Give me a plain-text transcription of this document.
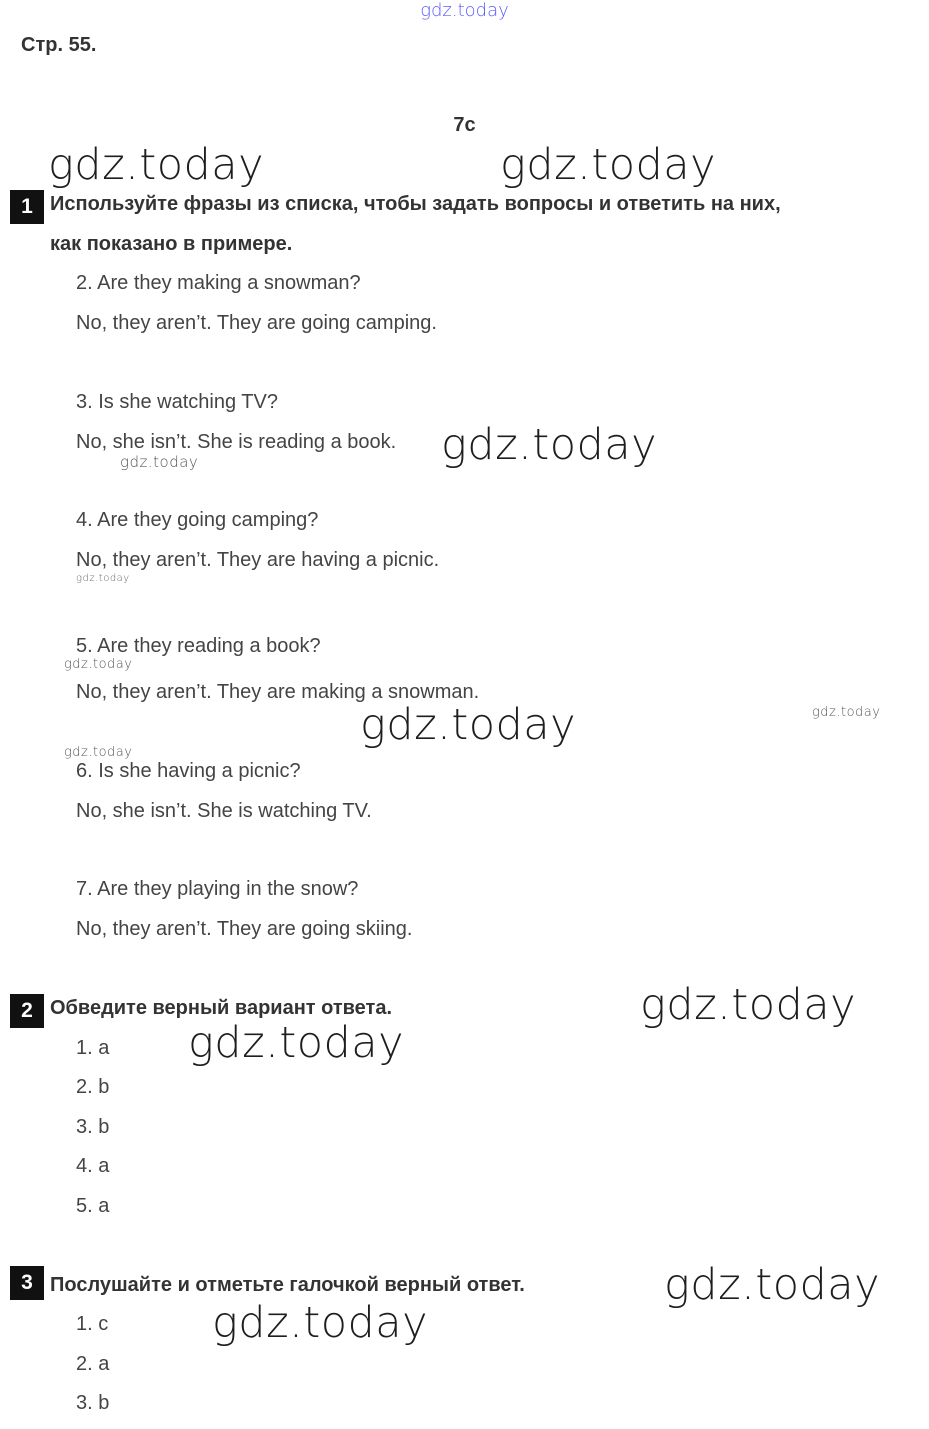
gdz.today
Стр. 55.
7c
gdz.today	gdz.today
gdz.today
gdz.today
gdz.today
gdz.today
gdz.today	gdz.today
gdz.today
gdz.today
gdz.today
gdz.today
gdz.today
1 Используйте фразы из списка, чтобы задать вопросы и ответить на них,
как показано в примере.
2. Are they making a snowman?
No, they aren’t. They are going camping.
3. Is she watching TV?
No, she isn’t. She is reading a book.
4. Are they going camping?
No, they aren’t. They are having a picnic.
5. Are they reading a book?
No, they aren’t. They are making a snowman.
6. Is she having a picnic?
No, she isn’t. She is watching TV.
7. Are they playing in the snow?
No, they aren’t. They are going skiing.
2 Обведите верный вариант ответа.
1. a
2. b
3. b
4. a
5. a
3 Послушайте и отметьте галочкой верный ответ.
1. c
2. a
3. b
